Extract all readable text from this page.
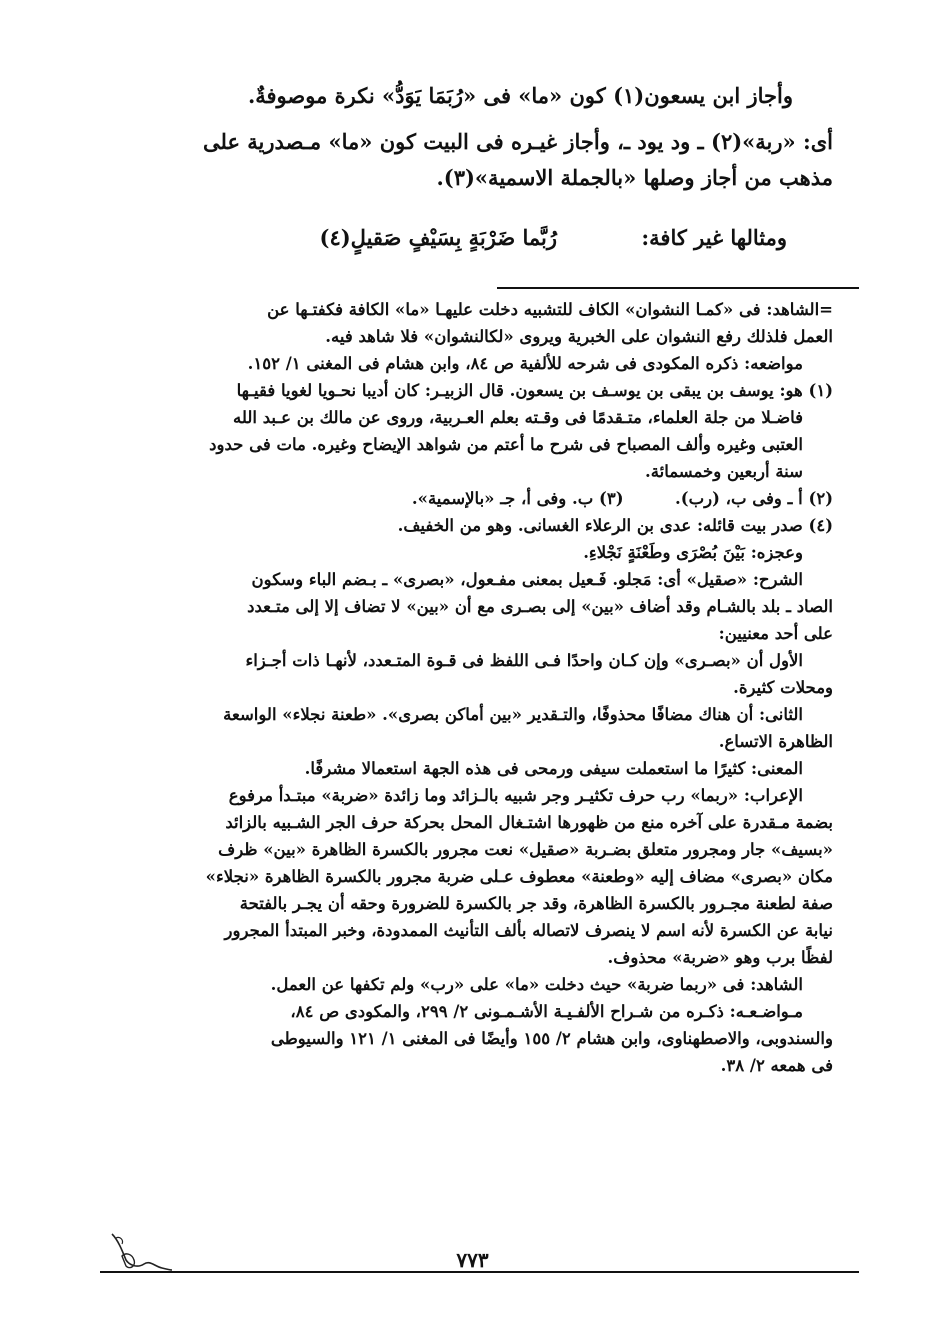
وأجاز ابن يسعون(١) كون «ما» فى «رُبَمَا يَوَدُّ» نكرة موصوفةٌ.

أى: «ربة»(٢) ـ ود يود ـ، وأجاز غيـره فى البيت كون «ما» مـصدرية على

مذهب من أجاز وصلها «بالجملة الاسمية»(٣).

ومثالها غير كافة:
رُبَّما ضَرْبَةٍ بِسَيْفٍ صَقيلٍ(٤)

=الشاهد: فى «كمـا النشوان» الكاف للتشبيه دخلت عليهـا «ما» الكافة فكفتـها عن

العمل فلذلك رفع النشوان على الخبرية ويروى «لكالنشوان» فلا شاهد فيه.

مواضعه: ذكره المكودى فى شرحه للألفية ص ٨٤، وابن هشام فى المغنى ١/ ١٥٢.

(١) هو: يوسف بن يبقى بن يوسـف بن يسعون. قال الزبيـر: كان أديبا نحـويا لغويا فقيـها

فاضـلا من جلة العلماء، متـقدمًا فى وقـته بعلم العـربية، وروى عن مالك بن عـبد الله

العتبى وغيره وألف المصباح فى شرح ما أعتم من شواهد الإيضاح وغيره. مات فى حدود

سنة أربعين وخمسمائة.

(٢) أ ـ وفى ب، (رب).  (٣) ب. وفى أ، جـ «بالإسمية».

(٤) صدر بيت قائله: عدى بن الرعلاء الغسانى. وهو من الخفيف.

وعجزه: بَيْنَ بُصْرَى وطَعْنَةٍ نَجْلاءِ.

الشرح: «صقيل» أى: مَجلو. فَـعيل بمعنى مفـعول، «بصرى» ـ بـضم الباء وسكون

الصاد ـ بلد بالشـام وقد أضاف «بين» إلى بصـرى مع أن «بين» لا تضاف إلا إلى متـعدد

على أحد معنيين:

الأول أن «بصـرى» وإن كـان واحدًا فـى اللفظ فى قـوة المتـعدد، لأنهـا ذات أجـزاء

ومحلات كثيرة.

الثانى: أن هناك مضافًا محذوفًا، والتـقدير «بين أماكن بصرى». «طعنة نجلاء» الواسعة

الظاهرة الاتساع.

المعنى: كثيرًا ما استعملت سيفى ورمحى فى هذه الجهة استعمالا مشرفًا.

الإعراب: «ربما» رب حرف تكثيـر وجر شبيه بالـزائد وما زائدة «ضربة» مبتـدأ مرفوع

بضمة مـقدرة على آخره منع من ظهورها اشتـغال المحل بحركة حرف الجر الشـبيه بالزائد

«بسيف» جار ومجرور متعلق بضـربة «صقيل» نعت مجرور بالكسرة الظاهرة «بين» ظرف

مكان «بصرى» مضاف إليه «وطعنة» معطوف عـلى ضربة مجرور بالكسرة الظاهرة «نجلاء»

صفة لطعنة مجـرور بالكسرة الظاهرة، وقد جر بالكسرة للضرورة وحقه أن يجـر بالفتحة

نيابة عن الكسرة لأنه اسم لا ينصرف لاتصاله بألف التأنيث الممدودة، وخبر المبتدأ المجرور

لفظًا برب وهو «ضربة» محذوف.

الشاهد: فى «ربما ضربة» حيث دخلت «ما» على «رب» ولم تكفها عن العمل.

مـواضـعـه: ذكـره من شـراح الألفـيـة الأشـمـونى ٢/ ٢٩٩، والمكودى ص ٨٤،

والسندوبى، والاصطهناوى، وابن هشام ٢/ ١٥٥ وأيضًا فى المغنى ١/ ١٢١ والسيوطى

فى همعه ٢/ ٣٨.

٧٧٣
